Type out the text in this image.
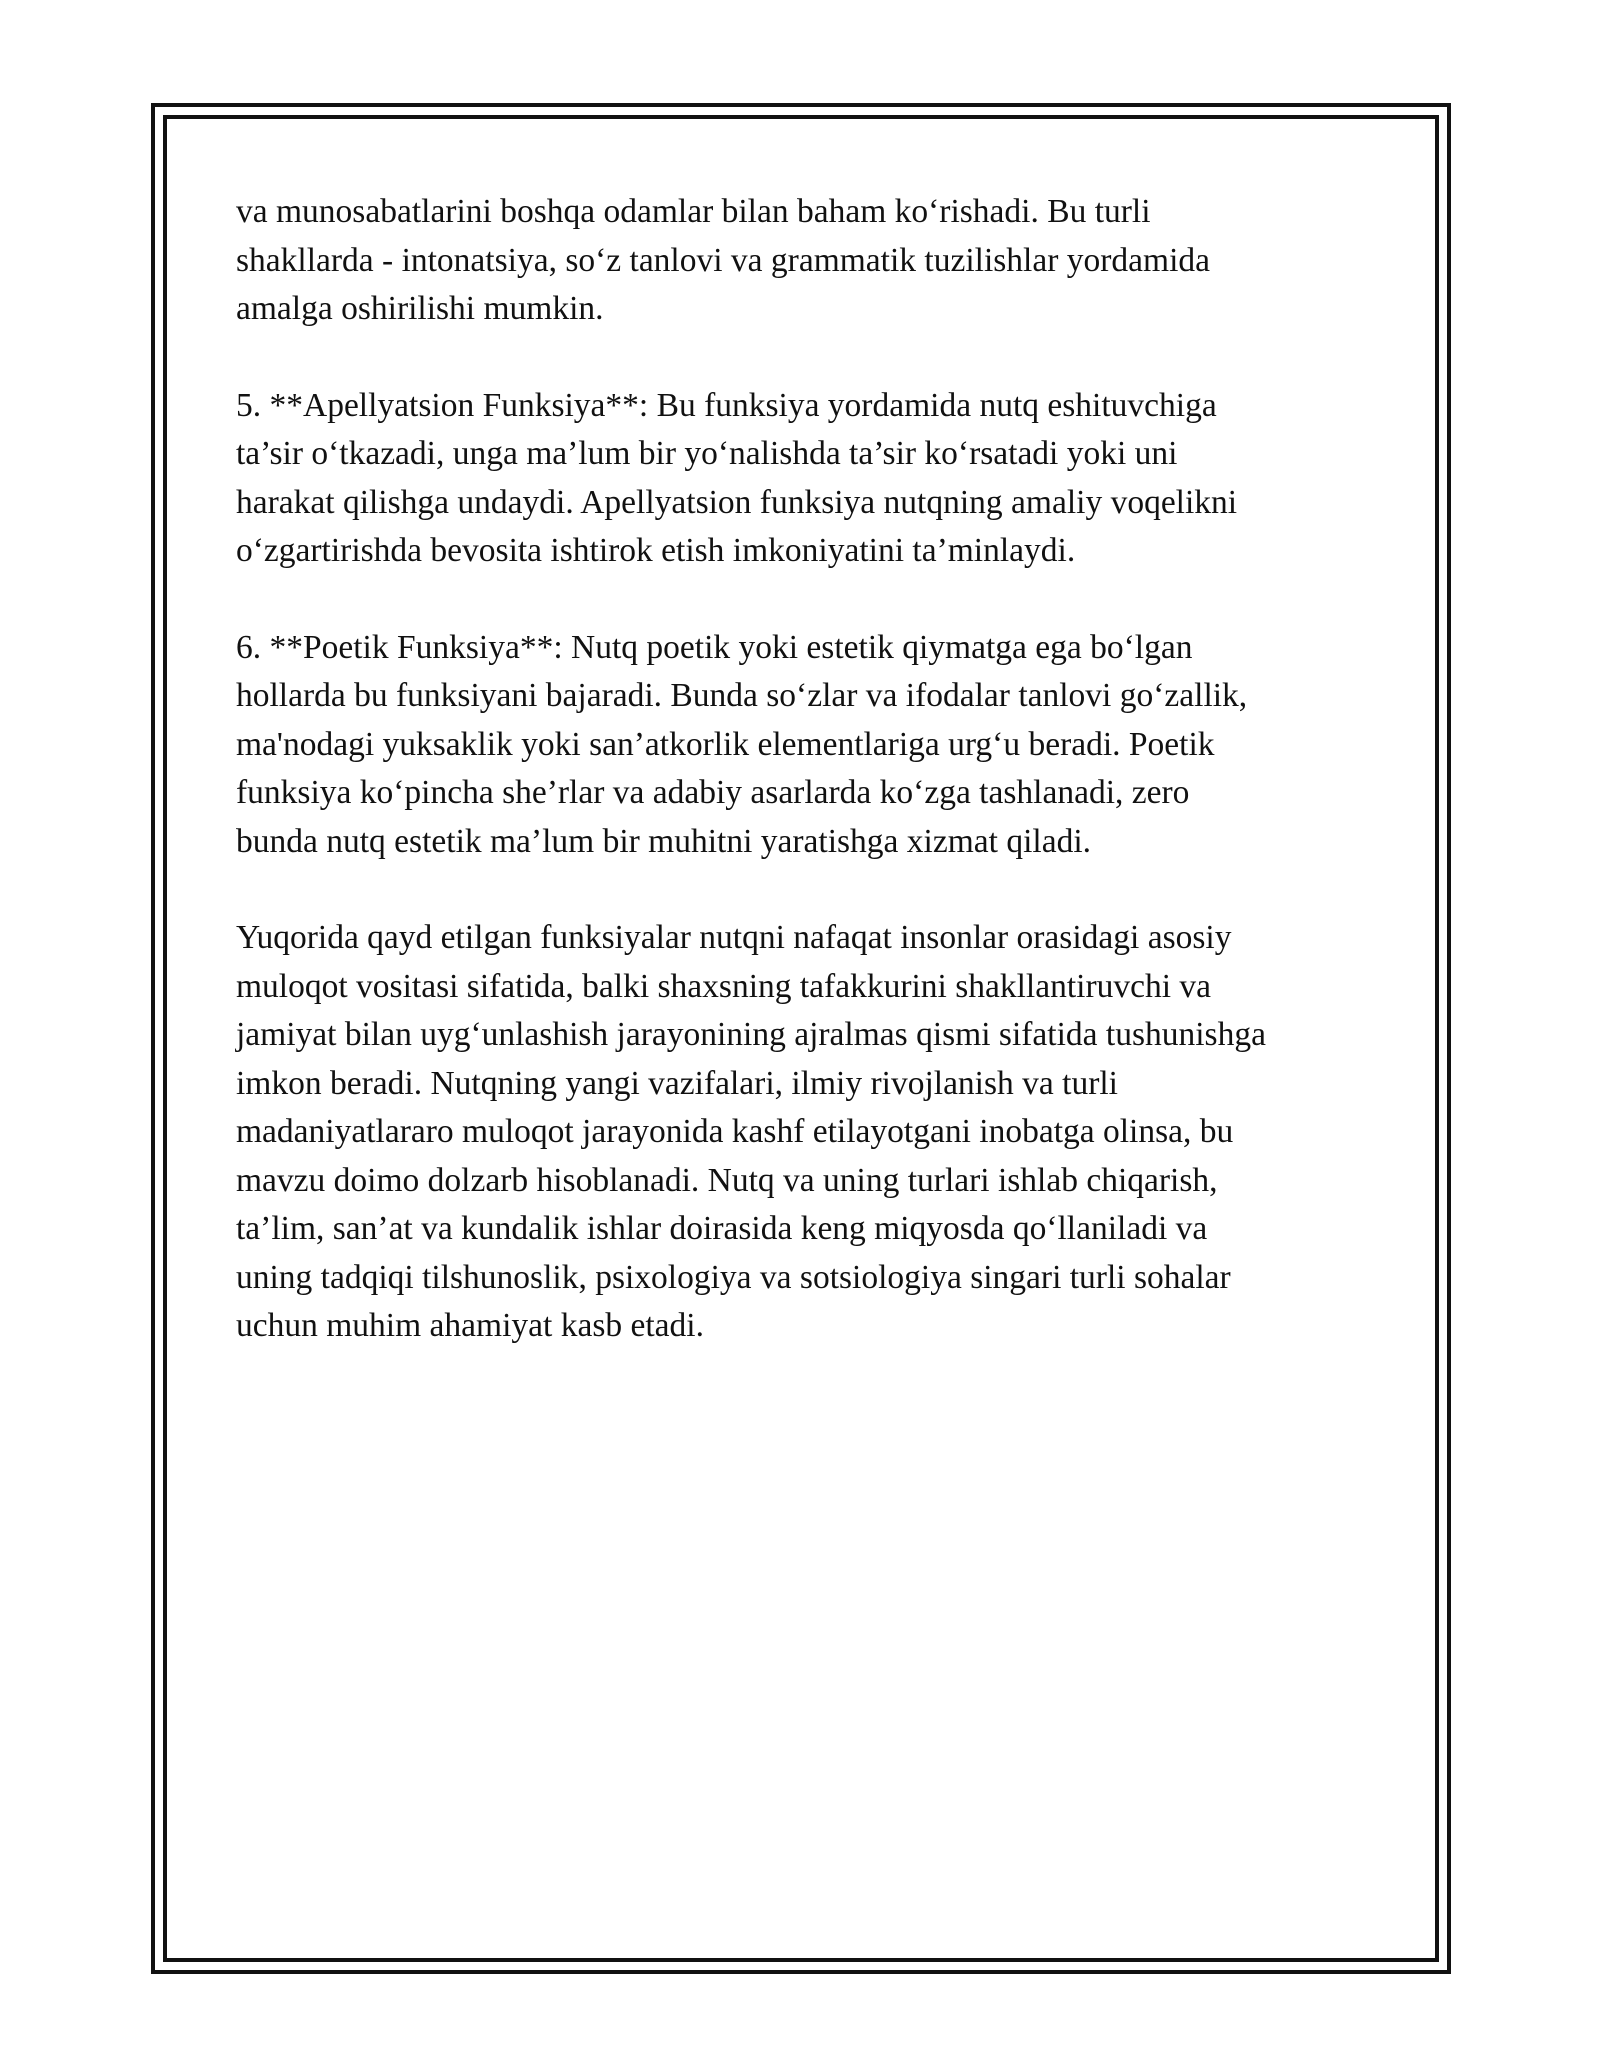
va munosabatlarini boshqa odamlar bilan baham ko‘rishadi. Bu turli
shakllarda - intonatsiya, so‘z tanlovi va grammatik tuzilishlar yordamida
amalga oshirilishi mumkin.

5. **Apellyatsion Funksiya**: Bu funksiya yordamida nutq eshituvchiga
ta’sir o‘tkazadi, unga ma’lum bir yo‘nalishda ta’sir ko‘rsatadi yoki uni
harakat qilishga undaydi. Apellyatsion funksiya nutqning amaliy voqelikni
o‘zgartirishda bevosita ishtirok etish imkoniyatini ta’minlaydi.

6. **Poetik Funksiya**: Nutq poetik yoki estetik qiymatga ega bo‘lgan
hollarda bu funksiyani bajaradi. Bunda so‘zlar va ifodalar tanlovi go‘zallik,
ma'nodagi yuksaklik yoki san’atkorlik elementlariga urg‘u beradi. Poetik
funksiya ko‘pincha she’rlar va adabiy asarlarda ko‘zga tashlanadi, zero
bunda nutq estetik ma’lum bir muhitni yaratishga xizmat qiladi.

Yuqorida qayd etilgan funksiyalar nutqni nafaqat insonlar orasidagi asosiy
muloqot vositasi sifatida, balki shaxsning tafakkurini shakllantiruvchi va
jamiyat bilan uyg‘unlashish jarayonining ajralmas qismi sifatida tushunishga
imkon beradi. Nutqning yangi vazifalari, ilmiy rivojlanish va turli
madaniyatlararo muloqot jarayonida kashf etilayotgani inobatga olinsa, bu
mavzu doimo dolzarb hisoblanadi. Nutq va uning turlari ishlab chiqarish,
ta’lim, san’at va kundalik ishlar doirasida keng miqyosda qo‘llaniladi va
uning tadqiqi tilshunoslik, psixologiya va sotsiologiya singari turli sohalar
uchun muhim ahamiyat kasb etadi.
